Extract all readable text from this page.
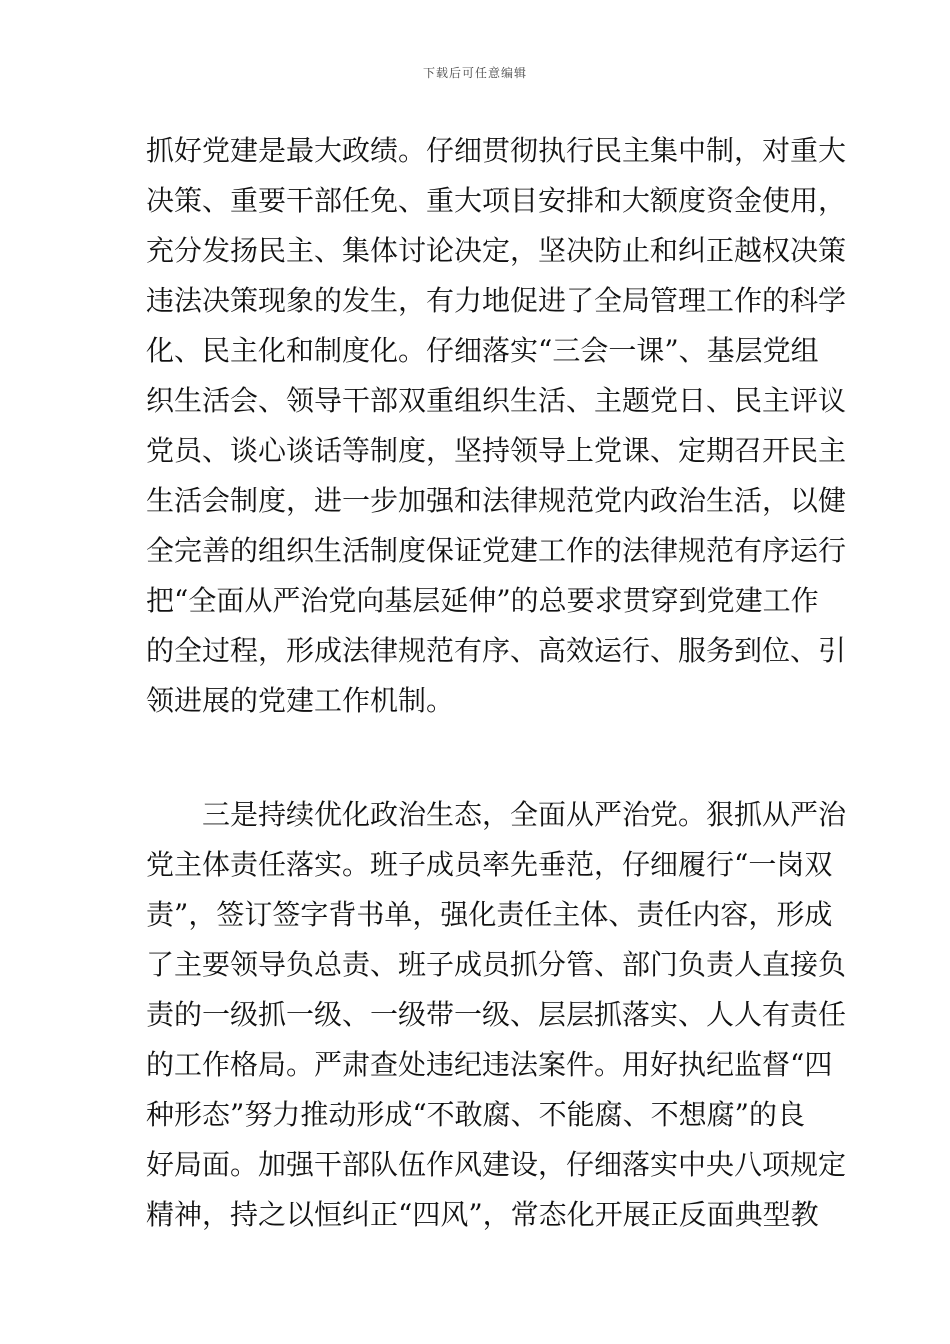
下载后可任意编辑
抓好党建是最大政绩。仔细贯彻执行民主集中制，对重大
决策、重要干部任免、重大项目安排和大额度资金使用，
充分发扬民主、集体讨论决定，坚决防止和纠正越权决策
违法决策现象的发生，有力地促进了全局管理工作的科学
化、民主化和制度化。仔细落实“三会一课”、基层党组
织生活会、领导干部双重组织生活、主题党日、民主评议
党员、谈心谈话等制度，坚持领导上党课、定期召开民主
生活会制度，进一步加强和法律规范党内政治生活，以健
全完善的组织生活制度保证党建工作的法律规范有序运行
把“全面从严治党向基层延伸”的总要求贯穿到党建工作
的全过程，形成法律规范有序、高效运行、服务到位、引
领进展的党建工作机制。
三是持续优化政治生态，全面从严治党。狠抓从严治
党主体责任落实。班子成员率先垂范，仔细履行“一岗双
责”，签订签字背书单，强化责任主体、责任内容，形成
了主要领导负总责、班子成员抓分管、部门负责人直接负
责的一级抓一级、一级带一级、层层抓落实、人人有责任
的工作格局。严肃查处违纪违法案件。用好执纪监督“四
种形态”努力推动形成“不敢腐、不能腐、不想腐”的良
好局面。加强干部队伍作风建设，仔细落实中央八项规定
精神，持之以恒纠正“四风”，常态化开展正反面典型教
